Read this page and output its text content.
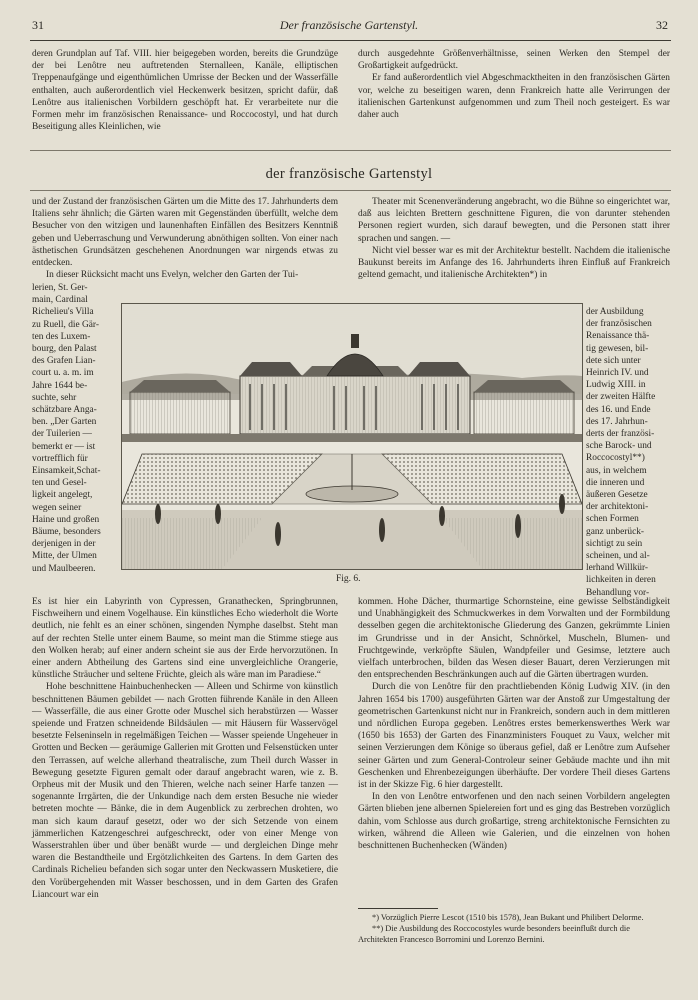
31	Der französische Gartenstyl.	32

deren Grundplan auf Taf. VIII. hier beigegeben worden, bereits die Grundzüge der bei Lenôtre neu auftretenden Sternalleen, Kanäle, elliptischen Treppenaufgänge und eigenthümlichen Umrisse der Becken und der Wasserfälle enthalten, auch außerordentlich viel Heckenwerk besitzen, spricht dafür, daß Lenôtre aus italienischen Vorbildern geschöpft hat. Er verarbeitete nur die Formen mehr im französischen Renaissance- und Roccocostyl, und hat durch Beseitigung alles Kleinlichen, wie

durch ausgedehnte Größenverhältnisse, seinen Werken den Stempel der Großartigkeit aufgedrückt.

Er fand außerordentlich viel Abgeschmacktheiten in den französischen Gärten vor, welche zu beseitigen waren, denn Frankreich hatte alle Verirrungen der italienischen Gartenkunst aufgenommen und zum Theil noch gesteigert. Es war daher auch

der französische Gartenstyl

und der Zustand der französischen Gärten um die Mitte des 17. Jahrhunderts dem Italiens sehr ähnlich; die Gärten waren mit Gegenständen überfüllt, welche dem Besucher von den witzigen und launenhaften Einfällen des Besitzers Kenntniß geben und Ueberraschung und Verwunderung abnöthigen sollten. Von einer nach ästhetischen Grundsätzen geschehenen Anordnungen war nirgends etwas zu entdecken.

In dieser Rücksicht macht uns Evelyn, welcher den Garten der Tui-

Theater mit Scenenveränderung angebracht, wo die Bühne so eingerichtet war, daß aus leichten Brettern geschnittene Figuren, die von darunter stehenden Personen regiert wurden, sich darauf bewegten, und die Personen statt ihrer sprachen und sangen. —

Nicht viel besser war es mit der Architektur bestellt. Nachdem die italienische Baukunst bereits im Anfange des 16. Jahrhunderts ihren Einfluß auf Frankreich geltend gemacht, und italienische Architekten*) in

lerien, St. Ger-
main, Cardinal
Richelieu's Villa
zu Ruell, die Gär-
ten des Luxem-
bourg, den Palast
des Grafen Lian-
court u. a. m. im
Jahre 1644 be-
suchte, sehr
schätzbare Anga-
ben. „Der Garten
der Tuilerien —
bemerkt er — ist
vortrefflich für
Einsamkeit,Schat-
ten und Gesel-
ligkeit angelegt,
wegen seiner
Haine und großen
Bäume, besonders
derjenigen in der
Mitte, der Ulmen
und Maulbeeren.
der Ausbildung
der französischen
Renaissance thä-
tig gewesen, bil-
dete sich unter
Heinrich IV. und
Ludwig XIII. in
der zweiten Hälfte
des 16. und Ende
des 17. Jahrhun-
derts der französi-
sche Barock- und
Roccocostyl**)
aus, in welchem
die inneren und
äußeren Gesetze
der architektoni-
schen Formen
ganz unberück-
sichtigt zu sein
scheinen, und al-
lerhand Willkür-
lichkeiten in deren
Behandlung vor-
Fig. 6.

Es ist hier ein Labyrinth von Cypressen, Granathecken, Springbrunnen, Fischweihern und einem Vogelhause. Ein künstliches Echo wiederholt die Worte deutlich, nie fehlt es an einer schönen, singenden Nymphe daselbst. Steht man auf der rechten Stelle unter einem Baume, so meint man die Stimme stiege aus den Wolken herab; auf einer andern scheint sie aus der Erde hervorzutönen. In einer andern Abtheilung des Gartens sind eine unvergleichliche Orangerie, künstliche Sträucher und seltene Früchte, gleich als wäre man im Paradiese.“

Hohe beschnittene Hainbuchenhecken — Alleen und Schirme von künstlich beschnittenen Bäumen gebildet — nach Grotten führende Kanäle in den Alleen — Wasserfälle, die aus einer Grotte oder Muschel sich herabstürzen — Wasser speiende und Fratzen schneidende Bildsäulen — mit Häusern für Wasservögel besetzte Felseninseln in regelmäßigen Teichen — Wasser speiende Ungeheuer in Grotten und Becken — geräumige Gallerien mit Grotten und Felsenstücken unter den Terrassen, auf welche allerhand theatralische, zum Theil durch Wasser in Bewegung gesetzte Figuren gemalt oder darauf angebracht waren, wie z. B. Orpheus mit der Musik und den Thieren, welche nach seiner Harfe tanzen — sogenannte Irrgärten, die der Unkundige nach dem ersten Besuche nie wieder betreten mochte — Bänke, die in dem Augenblick zu zerbrechen drohten, wo man sich kaum darauf gesetzt, oder wo der sich Setzende von einem jämmerlichen Katzengeschrei aufgeschreckt, oder von einer Menge von Wasserstrahlen über und über benäßt wurde — und dergleichen Dinge mehr waren die Bestandtheile und Ergötzlichkeiten des Gartens. In dem Garten des Cardinals Richelieu befanden sich sogar unter den Neckwassern Musketiere, die den Vorübergehenden mit Wasser beschossen, und in dem Garten des Grafen Liancourt war ein

kommen. Hohe Dächer, thurmartige Schornsteine, eine gewisse Selbständigkeit und Unabhängigkeit des Schmuckwerkes in dem Vorwalten und der Formbildung desselben gegen die architektonische Gliederung des Ganzen, gekrümmte Linien im Grundrisse und in der Ansicht, Schnörkel, Muscheln, Blumen- und Fruchtgewinde, verkröpfte Säulen, Wandpfeiler und Gesimse, letztere auch vielfach unterbrochen, bilden das Wesen dieser Bauart, deren Verzierungen mit den entsprechenden Beschränkungen auch auf die Gärten übertragen wurden.

Durch die von Lenôtre für den prachtliebenden König Ludwig XIV. (in den Jahren 1654 bis 1700) ausgeführten Gärten war der Anstoß zur Umgestaltung der geometrischen Gartenkunst nicht nur in Frankreich, sondern auch in dem mittleren und nördlichen Europa gegeben. Lenôtres erstes bemerkenswerthes Werk war (1650 bis 1653) der Garten des Finanzministers Fouquet zu Vaux, welcher mit seinen Verzierungen dem Könige so überaus gefiel, daß er Lenôtre zum Aufseher seiner Gärten und zum General-Controleur seiner Gebäude machte und ihn mit Geschenken und Ehrenbezeigungen überhäufte. Der vordere Theil dieses Gartens ist in der Skizze Fig. 6 hier dargestellt.

In den von Lenôtre entworfenen und den nach seinen Vorbildern angelegten Gärten blieben jene albernen Spielereien fort und es ging das Bestreben vorzüglich dahin, vom Schlosse aus durch großartige, streng architektonische Fernsichten zu wirken, während die Alleen wie Galerien, und die einzelnen von hohen beschnittenen Buchenhecken (Wänden)

*) Vorzüglich Pierre Lescot (1510 bis 1578), Jean Bukant und Philibert Delorme.
**) Die Ausbildung des Roccocostyles wurde besonders beeinflußt durch die Architekten Francesco Borromini und Lorenzo Bernini.
